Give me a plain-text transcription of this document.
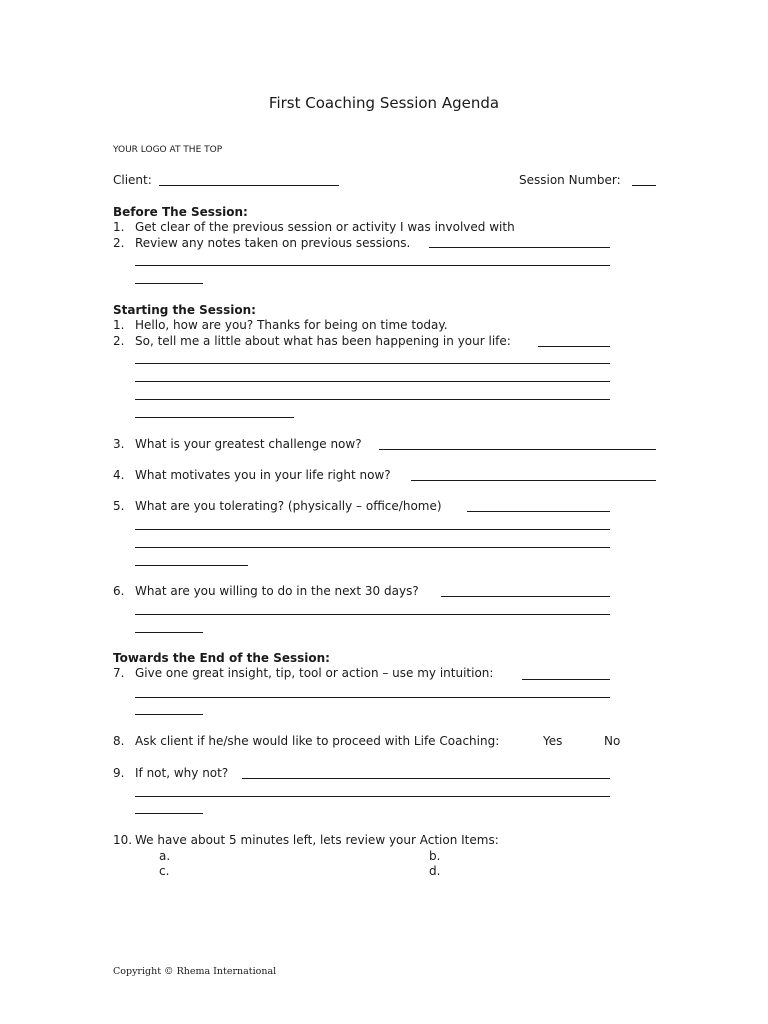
First Coaching Session Agenda
YOUR LOGO AT THE TOP
Client:	Session Number:
Before The Session:
1. Get clear of the previous session or activity I was involved with
2. Review any notes taken on previous sessions.
Starting the Session:
1. Hello, how are you? Thanks for being on time today.
2. So, tell me a little about what has been happening in your life:
3. What is your greatest challenge now?
4. What motivates you in your life right now?
5. What are you tolerating? (physically – office/home)
6. What are you willing to do in the next 30 days?
Towards the End of the Session:
7. Give one great insight, tip, tool or action – use my intuition:
8. Ask client if he/she would like to proceed with Life Coaching:	Yes	No
9. If not, why not?
10. We have about 5 minutes left, lets review your Action Items:
a.	b.
c.	d.
Copyright © Rhema International
